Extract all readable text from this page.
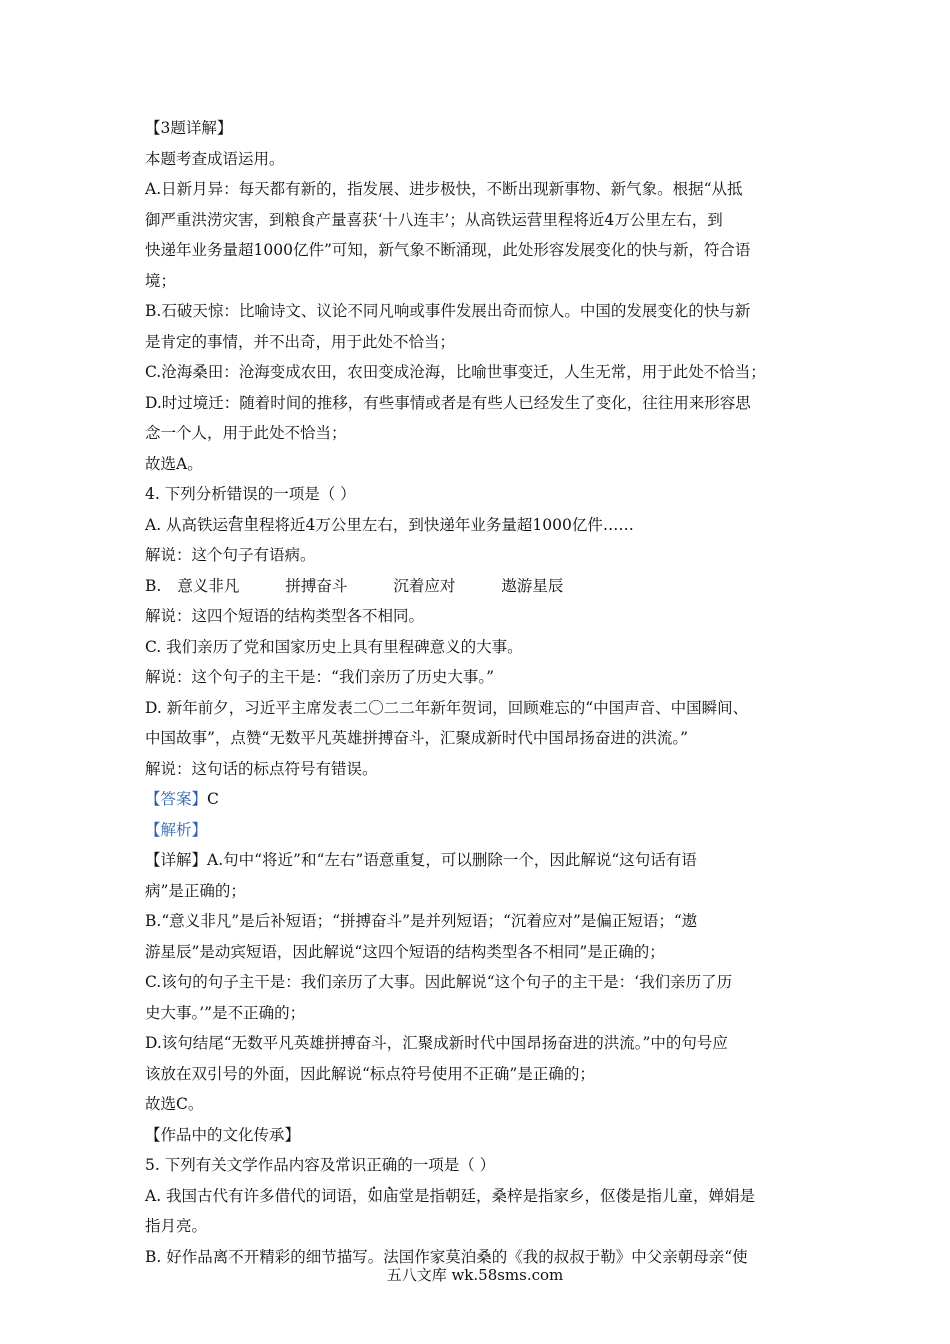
【3题详解】
本题考查成语运用。
A.日新月异：每天都有新的，指发展、进步极快，不断出现新事物、新气象。根据“从抵
御严重洪涝灾害，到粮食产量喜获‘十八连丰’；从高铁运营里程将近4万公里左右，到
快递年业务量超1000亿件”可知，新气象不断涌现，此处形容发展变化的快与新，符合语
境；
B.石破天惊：比喻诗文、议论不同凡响或事件发展出奇而惊人。中国的发展变化的快与新
是肯定的事情，并不出奇，用于此处不恰当；
C.沧海桑田：沧海变成农田，农田变成沧海，比喻世事变迁，人生无常，用于此处不恰当；
D.时过境迁：随着时间的推移，有些事情或者是有些人已经发生了变化，往往用来形容思
念一个人，用于此处不恰当；
故选A。
4. 下列分析错误的一项是（ ）
A. 从高铁运营里程将近4万公里左右，到快递年业务量超1000亿件……
解说：这个句子有语病。
B. 意义非凡	拼搏奋斗	沉着应对	遨游星辰
解说：这四个短语的结构类型各不相同。
C. 我们亲历了党和国家历史上具有里程碑意义的大事。
解说：这个句子的主干是：“我们亲历了历史大事。”
D. 新年前夕，习近平主席发表二〇二二年新年贺词，回顾难忘的“中国声音、中国瞬间、
中国故事”，点赞“无数平凡英雄拼搏奋斗，汇聚成新时代中国昂扬奋进的洪流。”
解说：这句话的标点符号有错误。
【答案】C
【解析】
【详解】A.句中“将近”和“左右”语意重复，可以删除一个，因此解说“这句话有语
病”是正确的；
B.“意义非凡”是后补短语；“拼搏奋斗”是并列短语；“沉着应对”是偏正短语；“遨
游星辰”是动宾短语，因此解说“这四个短语的结构类型各不相同”是正确的；
C.该句的句子主干是：我们亲历了大事。因此解说“这个句子的主干是：‘我们亲历了历
史大事。’”是不正确的；
D.该句结尾“无数平凡英雄拼搏奋斗，汇聚成新时代中国昂扬奋进的洪流。”中的句号应
该放在双引号的外面，因此解说“标点符号使用不正确”是正确的；
故选C。
【作品中的文化传承】
5. 下列有关文学作品内容及常识正确的一项是（ ）
A. 我国古代有许多借代的词语，如庙堂是指朝廷，桑梓是指家乡，伛偻是指儿童，婵娟是
指月亮。
B. 好作品离不开精彩的细节描写。法国作家莫泊桑的《我的叔叔于勒》中父亲朝母亲“使
五八文库 wk.58sms.com
